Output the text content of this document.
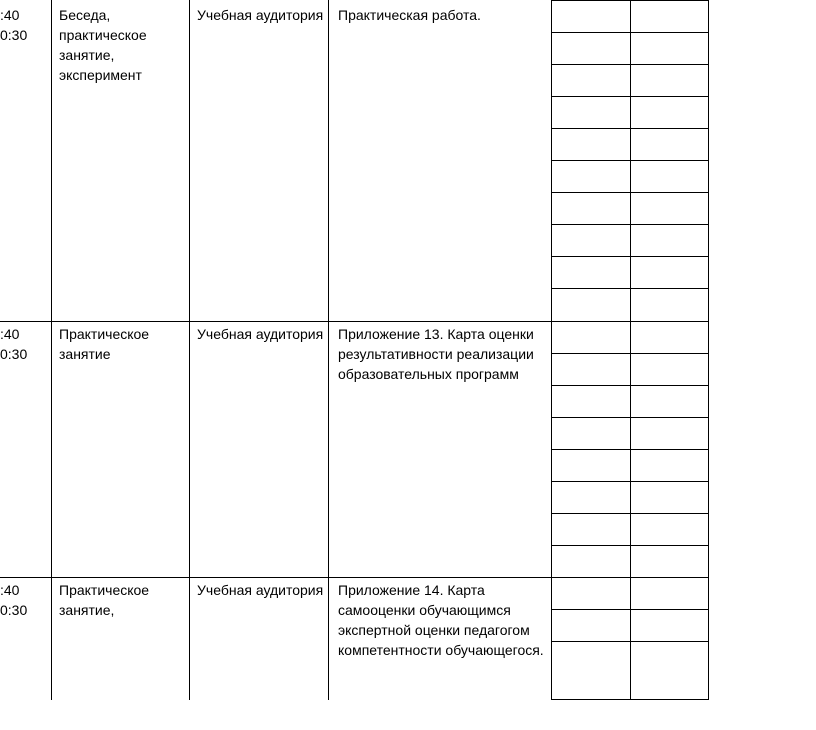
:40
0:30
Беседа,
практическое
занятие,
эксперимент
Учебная аудитория Практическая работа.
:40
0:30
Практическое
занятие
Учебная аудитория Приложение 13. Карта оценки результативности реализации образовательных программ
:40
0:30
Практическое
занятие,
Учебная аудитория Приложение 14. Карта самооценки обучающимся экспертной оценки педагогом компетентности обучающегося.
